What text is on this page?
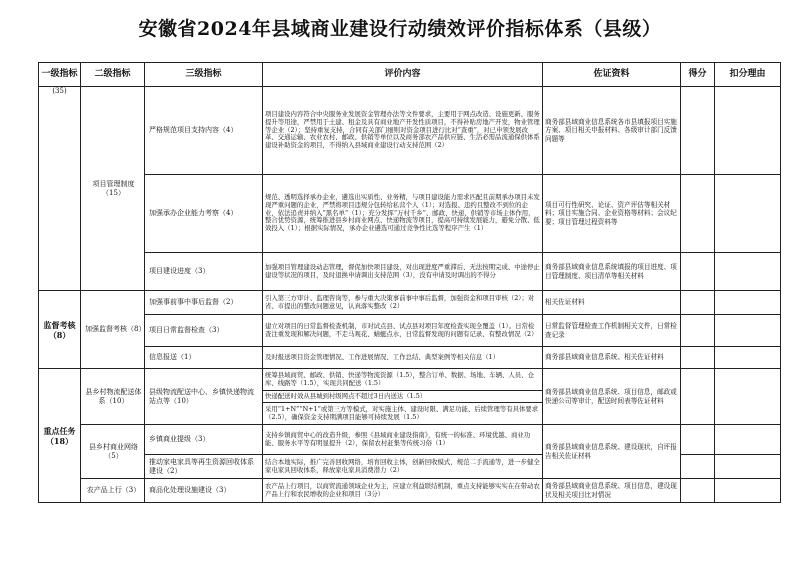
安徽省2024年县域商业建设行动绩效评价指标体系（县级）
一级指标	二级指标	三级指标	评价内容	佐证资料	得分	扣分理由
(35)	项目管理制度（15）	严格规范项目支持内容（4）	项目建设内容符合中央服务业发展资金管理办法等文件要求，主要用于网点改造、设施更新、服务提升等用途，严禁用于土建、租金及具有商业地产开发性质项目，不得补贴房地产开发，物业管理等企业（2）；坚持重复支持，合同有关部门细则对资金项目进行比对“查重”，对已申领发展改革、交通运输、农业农村、邮政、供销等单位以及商务部农产品供应链、生活必需品流通保供体系建设补助资金的项目，不得纳入县域商业建设行动支持范围（2）	商务部县域商业信息系统各市县填报项目实施方案、项目相关申报材料、各级审计部门反馈问题等		
		加强承办企业能力考察（4）	规范、透明选择承办企业，遴选出实质性、业务精，与项目建设能力需求匹配且前期承办项目未发现严重问题的企业，严禁将项目违规分包转给私营个人（1）；对选报、违约且整改不到位的企业，依法追责并纳入“黑名单”（1）；充分发挥“万村千乡”、邮政、快递、供销等市场主体作用，整合优势资源，统筹推进县乡村商业网点、快递物流等项目，提高可持续发展能力，避免分散、低效投入（1）；根据实际情况，承办企业遴选可通过竞争性比选等程序产生（1）	项目可行性研究、论证、资产评估等相关材料；项目实施合同、企业资格等材料；会议纪要；项目管理过程资料等		
		项目建设进度（3）	加强项目管理建设动态管理，督促加快项目建设，对出现进度严重滞后、无法按期完成、中途停止建设等状况的项目，及时退换申请调出支持范围（3），没有申请及时调出的不得分	商务部县域商业信息系统填报的项目进度、项目管理制度、项目清单等相关材料		
监督考核（8）	加强监督考核（8）	加强事前事中事后监督（2）	引入第三方审计、监理咨询等，参与重大决策事前事中事后监督，加强资金和项目审核（2）；对省、市提出的整改问题意见，认真落实整改（2）	相关佐证材料		
		项目日常监督检查（3）	建立对项目的日常监督检查机制，市对试点县、试点县对项目年度检查实现全覆盖（1）。日常检查注重发现和解决问题，不走马观花、蜻蜓点水，日常监督发现的问题有记录、有整改情况（2）	日常监督管理检查工作机制相关文件，日常检查记录		
		信息报送（1）	及时报送项目资金管理情况、工作进展情况、工作总结、典型案例等相关信息（1）	商务部县域商业信息系统、相关佐证材料		
重点任务（18）	县乡村物流配送体系（10）	县级物流配送中心、乡镇快递物流站点等（10）	统筹县域商贸、邮政、供销、快递等物流资源（1.5），整合订单、数据、场地、车辆、人员、仓库、线路等（1.5），实现共同配送（1.5）	商务部县域商业信息系统、项目信息，邮政或快递公司等审计，配送时间表等佐证材料		
			快递配送时效从县城到村级网点不超过3日内送达（1.5）			
			采用“1+N”“N+1”或第三方等模式，对实施主体、建设时限、满足功能、后续管理等有具体要求（2.5），确保资金支持期满项目能够可持续发展（1.5）			
	县乡村商业网络（5）	乡镇商业提级（3）	支持乡镇商贸中心的改造升级，参照《县域商业建设指南》，有统一的标准、环境优越、商业功能、服务水平等有明显提升（2），保留农村赶集等传统习俗（1）	商务部县域商业信息系统、建设现状，自评报告相关佐证材料		
		推动家电家具等再生资源回收体系建设（2）	结合本地实际，推广完善回收网络，培育回收主体，创新回收模式，规范二手流通等，进一步健全家电家具回收体系，释放家电家具消费潜力（2）			
	农产品上行（3）	商品化处理设施建设（3）	农产品上行项目，以商贸流通领域企业为主，应建立利益联结机制，重点支持能够实实在在带动农产品上行和农民增收的企业和项目（3分）	商务部县域商业信息系统、项目信息，建设现状及相关项目比对情况		
